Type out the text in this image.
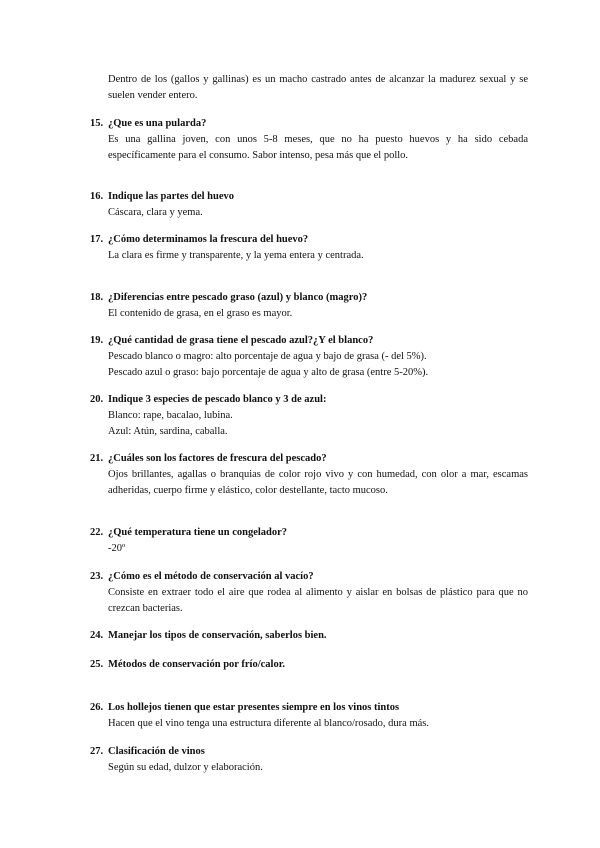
Dentro de los (gallos y gallinas) es un macho castrado antes de alcanzar la madurez sexual y se suelen vender entero.

15. ¿Que es una pularda?

Es una gallina joven, con unos 5-8 meses, que no ha puesto huevos y ha sido cebada específicamente para el consumo. Sabor intenso, pesa más que el pollo.

16. Indique las partes del huevo

Cáscara, clara y yema.

17. ¿Cómo determinamos la frescura del huevo?

La clara es firme y transparente, y la yema entera y centrada.

18. ¿Diferencias entre pescado graso (azul) y blanco (magro)?

El contenido de grasa, en el graso es mayor.

19. ¿Qué cantidad de grasa tiene el pescado azul?¿Y el blanco?

Pescado blanco o magro: alto porcentaje de agua y bajo de grasa (- del 5%).

Pescado azul o graso: bajo porcentaje de agua y alto de grasa (entre 5-20%).

20. Indique 3 especies de pescado blanco y 3 de azul:

Blanco: rape, bacalao, lubina.

Azul: Atún, sardina, caballa.

21. ¿Cuáles son los factores de frescura del pescado?

Ojos brillantes, agallas o branquias de color rojo vivo y con humedad, con olor a mar, escamas adheridas, cuerpo firme y elástico, color destellante, tacto mucoso.

22. ¿Qué temperatura tiene un congelador?

-20º

23. ¿Cómo es el método de conservación al vacío?

Consiste en extraer todo el aire que rodea al alimento y aislar en bolsas de plástico para que no crezcan bacterias.

24. Manejar los tipos de conservación, saberlos bien.
25. Métodos de conservación por frío/calor.
26. Los hollejos tienen que estar presentes siempre en los vinos tintos

Hacen que el vino tenga una estructura diferente al blanco/rosado, dura más.

27. Clasificación de vinos

Según su edad, dulzor y elaboración.
